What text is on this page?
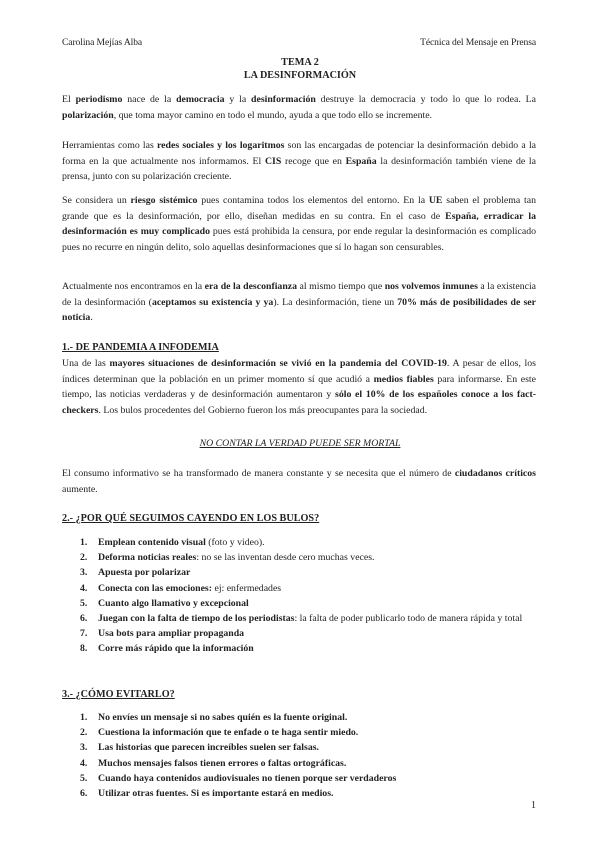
Carolina Mejías Alba	Técnica del Mensaje en Prensa
TEMA 2
LA DESINFORMACIÓN

El periodismo nace de la democracia y la desinformación destruye la democracia y todo lo que lo rodea. La polarización, que toma mayor camino en todo el mundo, ayuda a que todo ello se incremente.

Herramientas como las redes sociales y los logaritmos son las encargadas de potenciar la desinformación debido a la forma en la que actualmente nos informamos. El CIS recoge que en España la desinformación también viene de la prensa, junto con su polarización creciente.

Se considera un riesgo sistémico pues contamina todos los elementos del entorno. En la UE saben el problema tan grande que es la desinformación, por ello, diseñan medidas en su contra. En el caso de España, erradicar la desinformación es muy complicado pues está prohibida la censura, por ende regular la desinformación es complicado pues no recurre en ningún delito, solo aquellas desinformaciones que sí lo hagan son censurables.

Actualmente nos encontramos en la era de la desconfianza al mismo tiempo que nos volvemos inmunes a la existencia de la desinformación (aceptamos su existencia y ya). La desinformación, tiene un 70% más de posibilidades de ser noticia.

1.- DE PANDEMIA A INFODEMIA

Una de las mayores situaciones de desinformación se vivió en la pandemia del COVID-19. A pesar de ellos, los índices determinan que la población en un primer momento sí que acudió a medios fiables para informarse. En este tiempo, las noticias verdaderas y de desinformación aumentaron y sólo el 10% de los españoles conoce a los fact-checkers. Los bulos procedentes del Gobierno fueron los más preocupantes para la sociedad.

NO CONTAR LA VERDAD PUEDE SER MORTAL

El consumo informativo se ha transformado de manera constante y se necesita que el número de ciudadanos críticos aumente.

2.- ¿POR QUÉ SEGUIMOS CAYENDO EN LOS BULOS?
1.	Emplean contenido visual (foto y video).
2.	Deforma noticias reales: no se las inventan desde cero muchas veces.
3.	Apuesta por polarizar
4.	Conecta con las emociones: ej: enfermedades
5.	Cuanto algo llamativo y excepcional
6.	Juegan con la falta de tiempo de los periodistas: la falta de poder publicarlo todo de manera rápida y total
7.	Usa bots para ampliar propaganda
8.	Corre más rápido que la información
3.- ¿CÓMO EVITARLO?
1.	No envíes un mensaje si no sabes quién es la fuente original.
2.	Cuestiona la información que te enfade o te haga sentir miedo.
3.	Las historias que parecen increíbles suelen ser falsas.
4.	Muchos mensajes falsos tienen errores o faltas ortográficas.
5.	Cuando haya contenidos audiovisuales no tienen porque ser verdaderos
6.	Utilizar otras fuentes. Si es importante estará en medios.
1
